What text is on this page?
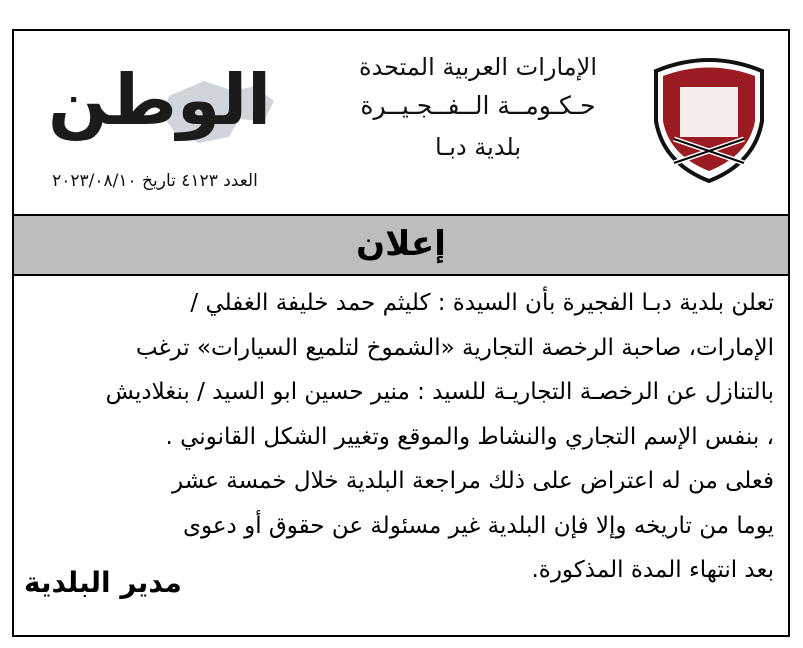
الإمارات العربية المتحدة
حـكـومــة الــفــجـيــرة
بلدية دبـا
الوطن
العدد ٤١٢٣ تاريخ ٢٠٢٣/٠٨/١٠
إعلان

تعلن بلدية دبـا الفجيرة بأن السيدة : كليثم حمد خليفة الغفلي /

الإمارات، صاحبة الرخصة التجارية «الشموخ لتلميع السيارات» ترغب

بالتنازل عن الرخصـة التجاريـة للسيد : منير حسين ابو السيد / بنغلاديش

، بنفس الإسم التجاري والنشاط والموقع وتغيير الشكل القانوني .

فعلى من له اعتراض على ذلك مراجعة البلدية خلال خمسة عشر

يوما من تاريخه وإلا فإن البلدية غير مسئولة عن حقوق أو دعوى

بعد انتهاء المدة المذكورة.

مدير البلدية
